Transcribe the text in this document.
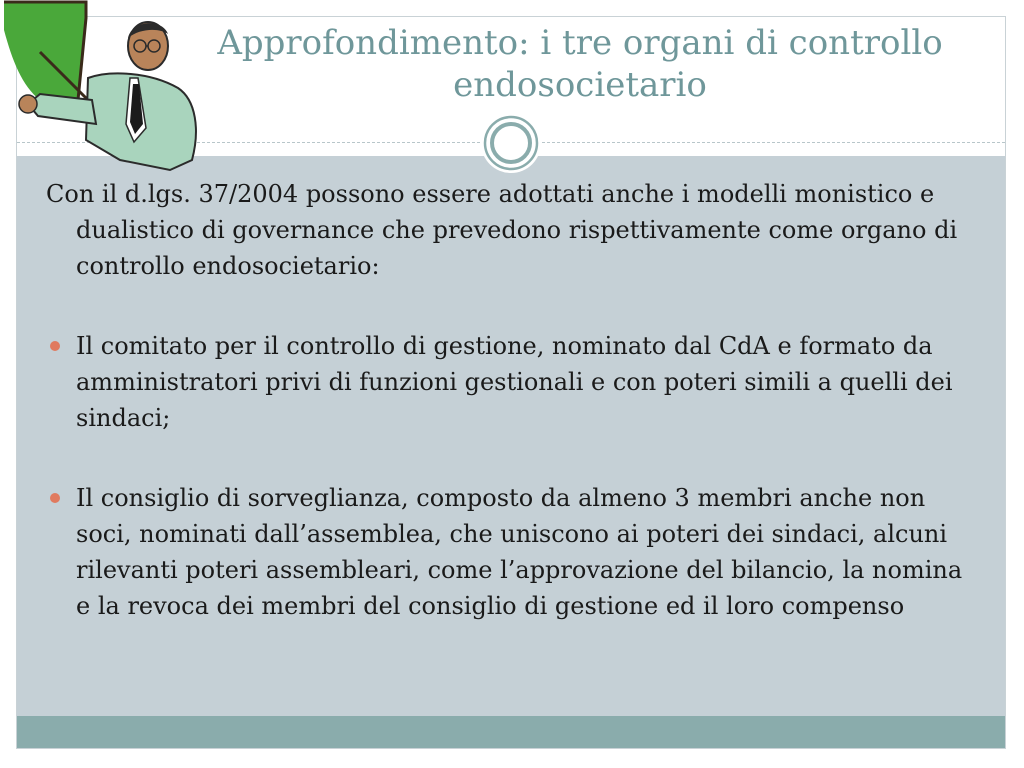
Approfondimento: i tre organi di controllo
endosocietario

Con il d.lgs. 37/2004 possono essere adottati anche i modelli monistico e dualistico di governance che prevedono rispettivamente come organo di controllo endosocietario:

Il comitato per il controllo di gestione, nominato dal CdA e formato da amministratori privi di funzioni gestionali e con poteri simili a quelli dei sindaci;
Il consiglio di sorveglianza, composto da almeno 3 membri anche non soci, nominati dall’assemblea, che uniscono ai poteri dei sindaci, alcuni rilevanti poteri assembleari, come l’approvazione del bilancio, la nomina e la revoca dei membri del consiglio di gestione ed il loro compenso
